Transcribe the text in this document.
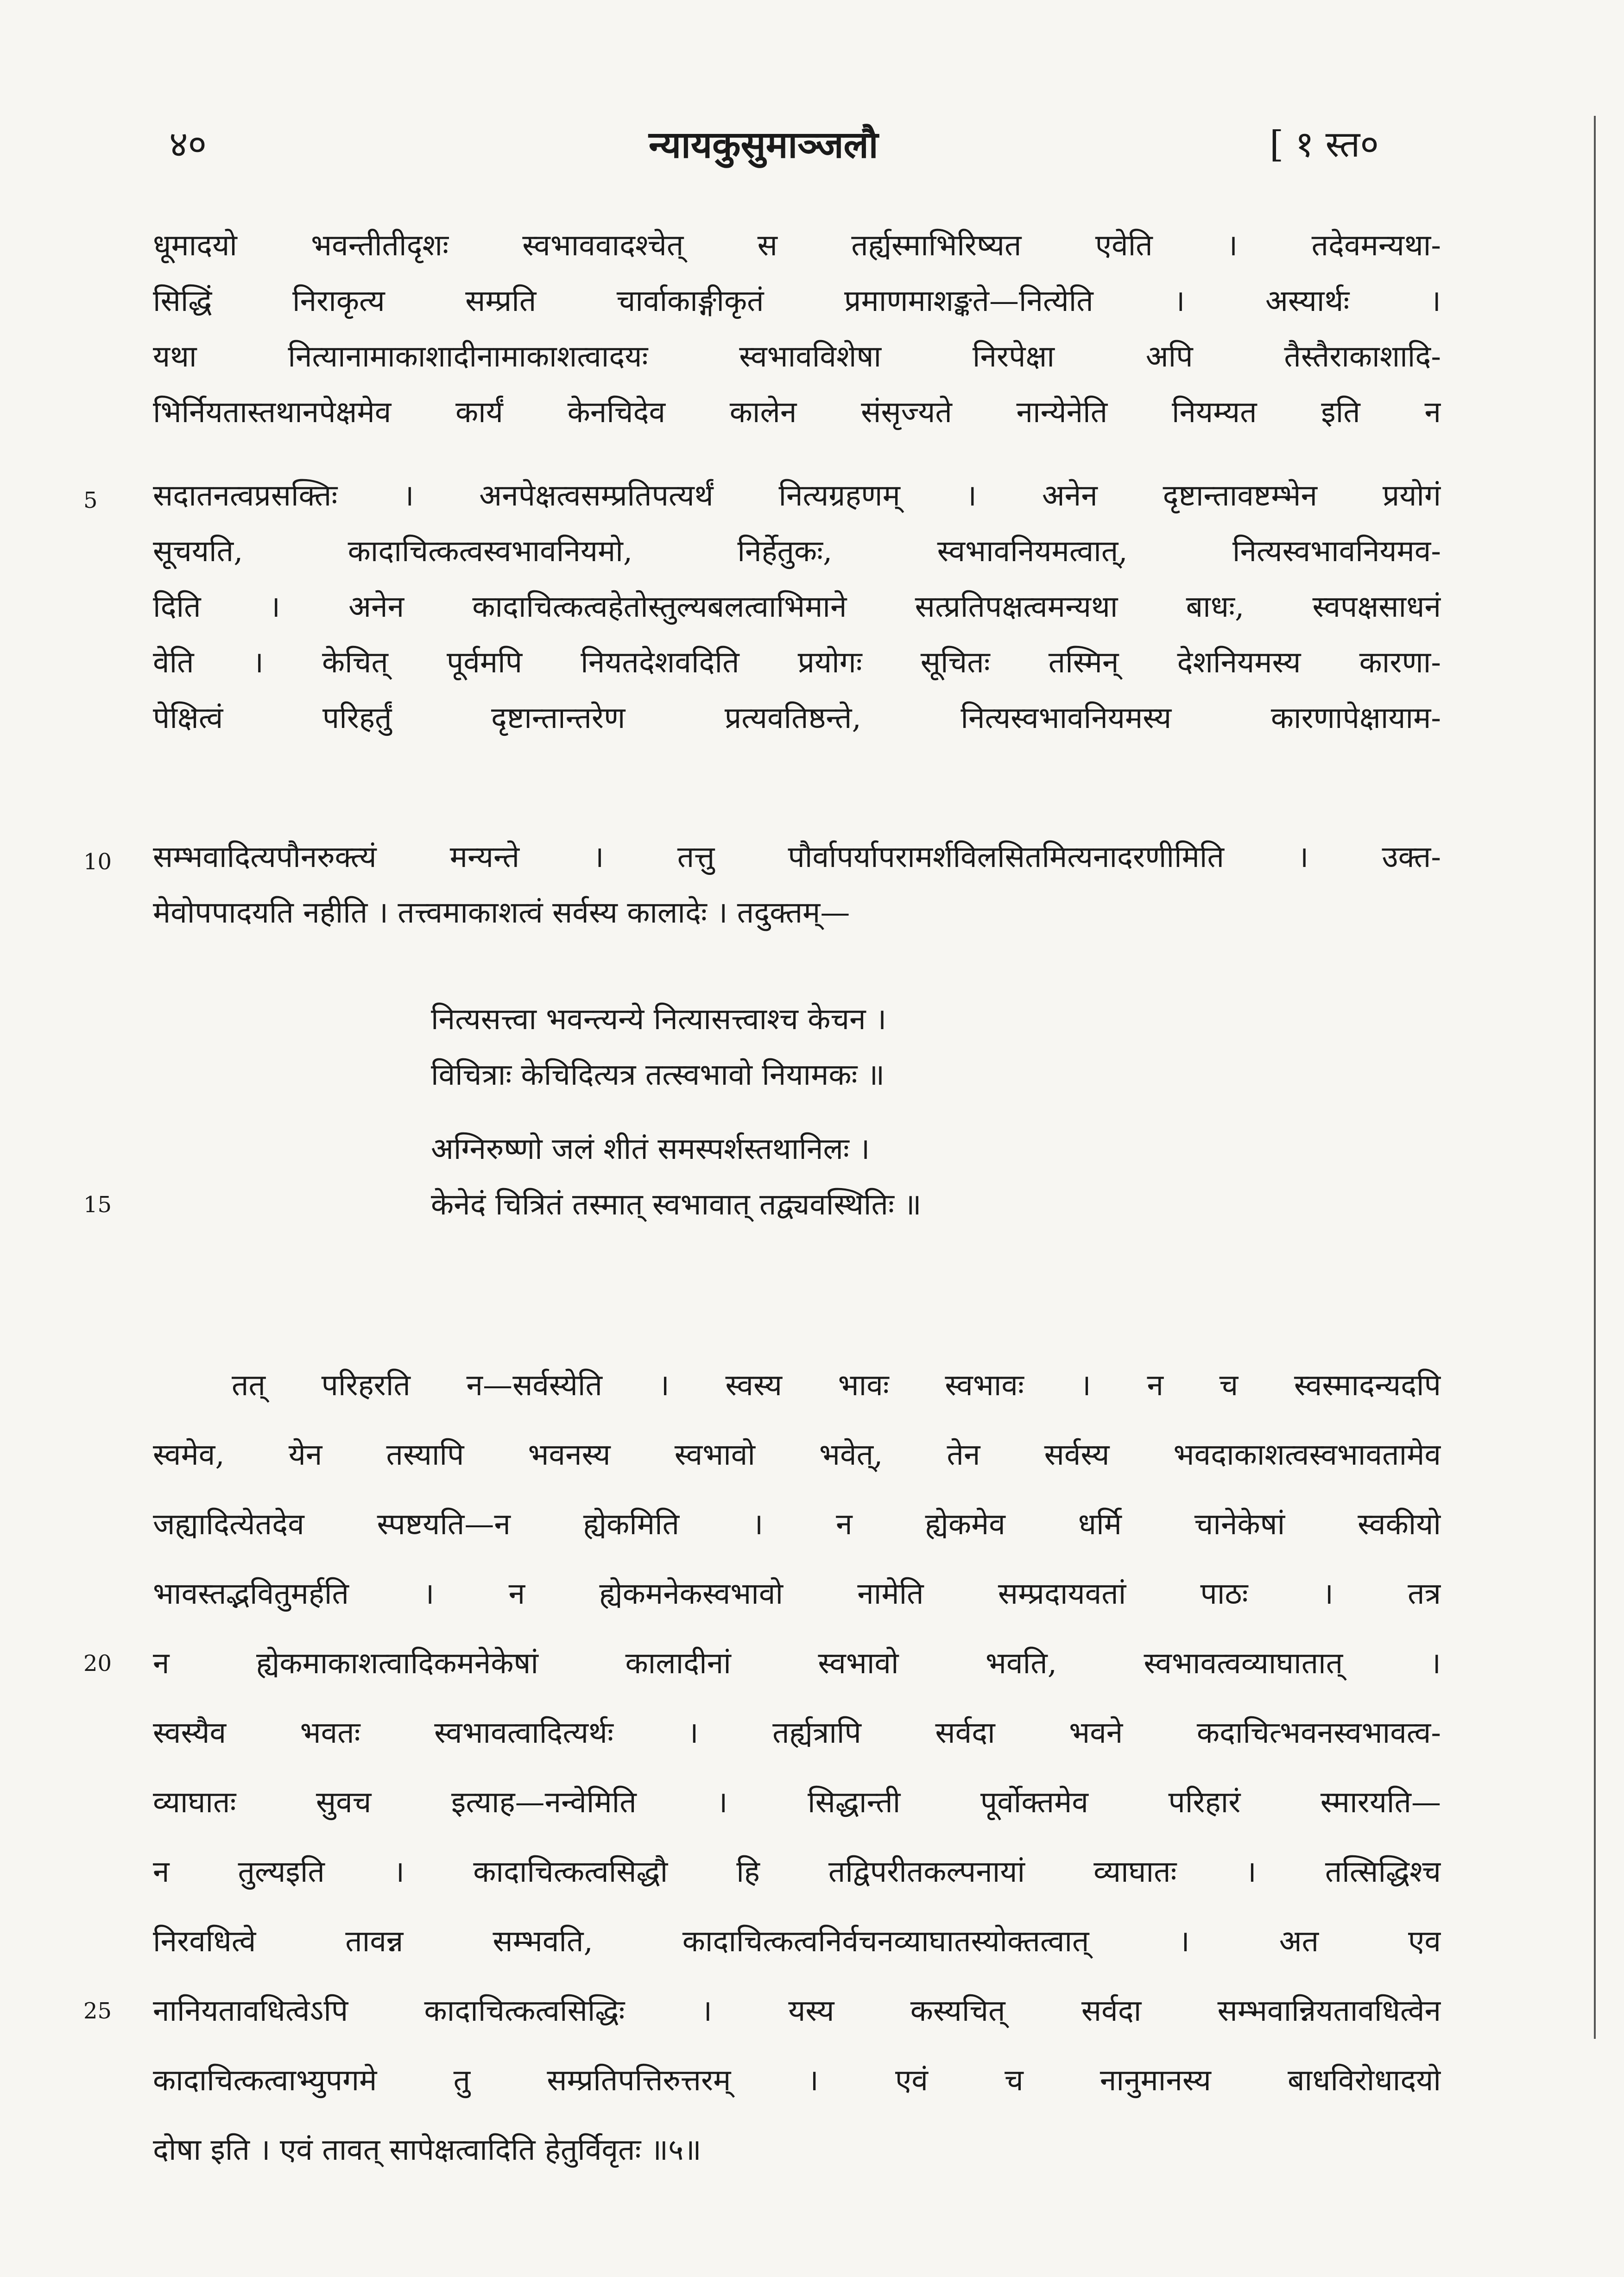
४०	न्यायकुसुमाञ्जलौ	[ १ स्त०
धूमादयो भवन्तीतीदृशः स्वभाववादश्चेत् स तर्ह्यस्माभिरिष्यत एवेति । तदेवमन्यथा-
सिद्धिं निराकृत्य सम्प्रति चार्वाकाङ्गीकृतं प्रमाणमाशङ्कते—नित्येति । अस्यार्थः ।
यथा नित्यानामाकाशादीनामाकाशत्वादयः स्वभावविशेषा निरपेक्षा अपि तैस्तैराकाशादि-
भिर्नियतास्तथानपेक्षमेव कार्यं केनचिदेव कालेन संसृज्यते नान्येनेति नियम्यत इति न
5 सदातनत्वप्रसक्तिः । अनपेक्षत्वसम्प्रतिपत्यर्थं नित्यग्रहणम् । अनेन दृष्टान्तावष्टम्भेन प्रयोगं
सूचयति, कादाचित्कत्वस्वभावनियमो, निर्हेतुकः, स्वभावनियमत्वात्, नित्यस्वभावनियमव-
दिति । अनेन कादाचित्कत्वहेतोस्तुल्यबलत्वाभिमाने सत्प्रतिपक्षत्वमन्यथा बाधः, स्वपक्षसाधनं
वेति । केचित् पूर्वमपि नियतदेशवदिति प्रयोगः सूचितः तस्मिन् देशनियमस्य कारणा-
पेक्षित्वं परिहर्तुं दृष्टान्तान्तरेण प्रत्यवतिष्ठन्ते, नित्यस्वभावनियमस्य कारणापेक्षायाम-
10 सम्भवादित्यपौनरुक्त्यं मन्यन्ते । तत्तु पौर्वापर्यापरामर्शविलसितमित्यनादरणीमिति । उक्त-
मेवोपपादयति नहीति । तत्त्वमाकाशत्वं सर्वस्य कालादेः । तदुक्तम्—
नित्यसत्त्वा भवन्त्यन्ये नित्यासत्त्वाश्च केचन ।
विचित्राः केचिदित्यत्र तत्स्वभावो नियामकः ॥
अग्निरुष्णो जलं शीतं समस्पर्शस्तथानिलः ।
15	केनेदं चित्रितं तस्मात् स्वभावात् तद्व्यवस्थितिः ॥
तत् परिहरति न—सर्वस्येति । स्वस्य भावः स्वभावः । न च स्वस्मादन्यदपि
स्वमेव, येन तस्यापि भवनस्य स्वभावो भवेत्, तेन सर्वस्य भवदाकाशत्वस्वभावतामेव
जह्यादित्येतदेव स्पष्टयति—न ह्येकमिति । न ह्येकमेव धर्मि चानेकेषां स्वकीयो
भावस्तद्भवितुमर्हति । न ह्येकमनेकस्वभावो नामेति सम्प्रदायवतां पाठः । तत्र
20 न ह्येकमाकाशत्वादिकमनेकेषां कालादीनां स्वभावो भवति, स्वभावत्वव्याघातात् ।
स्वस्यैव भवतः स्वभावत्वादित्यर्थः । तर्ह्यत्रापि सर्वदा भवने कदाचित्भवनस्वभावत्व-
व्याघातः सुवच इत्याह—नन्वेमिति । सिद्धान्ती पूर्वोक्तमेव परिहारं स्मारयति—
न तुल्यइति । कादाचित्कत्वसिद्धौ हि तद्विपरीतकल्पनायां व्याघातः । तत्सिद्धिश्च
निरवधित्वे तावन्न सम्भवति, कादाचित्कत्वनिर्वचनव्याघातस्योक्तत्वात् । अत एव
25 नानियतावधित्वेऽपि कादाचित्कत्वसिद्धिः । यस्य कस्यचित् सर्वदा सम्भवान्नियतावधित्वेन
कादाचित्कत्वाभ्युपगमे तु सम्प्रतिपत्तिरुत्तरम् । एवं च नानुमानस्य बाधविरोधादयो
दोषा इति । एवं तावत् सापेक्षत्वादिति हेतुर्विवृतः ॥५॥
